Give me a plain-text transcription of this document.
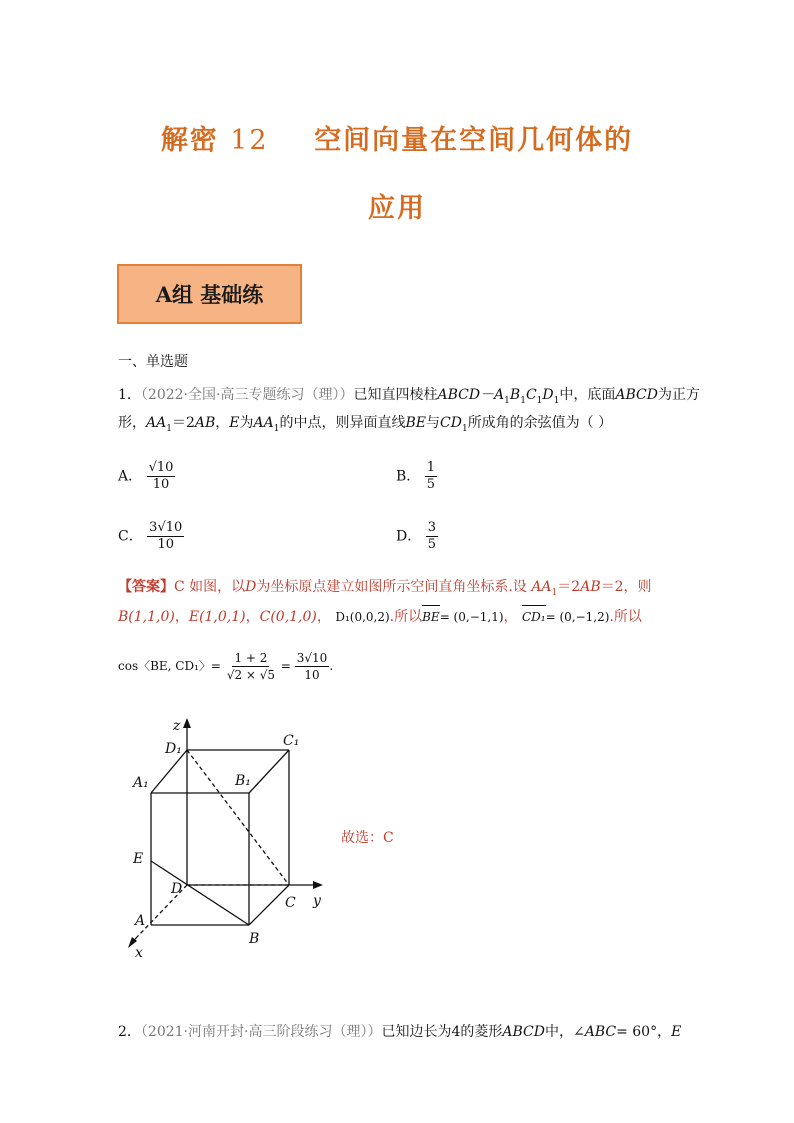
解密 12 空间向量在空间几何体的
应用
A组 基础练
一、单选题
1．（2022·全国·高三专题练习（理））已知直四棱柱$ABCD-A_1B_1C_1D_1$中，底面ABCD为正方
形，$AA_1=2AB$，E为$AA_1$的中点，则异面直线BE与$CD_1$所成角的余弦值为（ ）
A． $\frac{√10}{10}$	B． $\frac{1}{5}$
C． $\frac{3√10}{10}$	D． $\frac{3}{5}$
【答案】C 如图，以D为坐标原点建立如图所示空间直角坐标系.设 $AA_1=2AB=2$，则
B(1,1,0)，E(1,0,1)，C(0,1,0)， D₁(0,0,2).所以BE= (0,−1,1)， CD₁= (0,−1,2).所以
cos〈BE, CD₁〉= $\frac{1 + 2}{√2 \times √5} = \frac{3√10}{10}$ .
z
D₁	C₁
A₁	B₁
E
D
C y
A
B
x
故选：C
2．（2021·河南开封·高三阶段练习（理））已知边长为4的菱形ABCD中，∠ABC= 60°，E
